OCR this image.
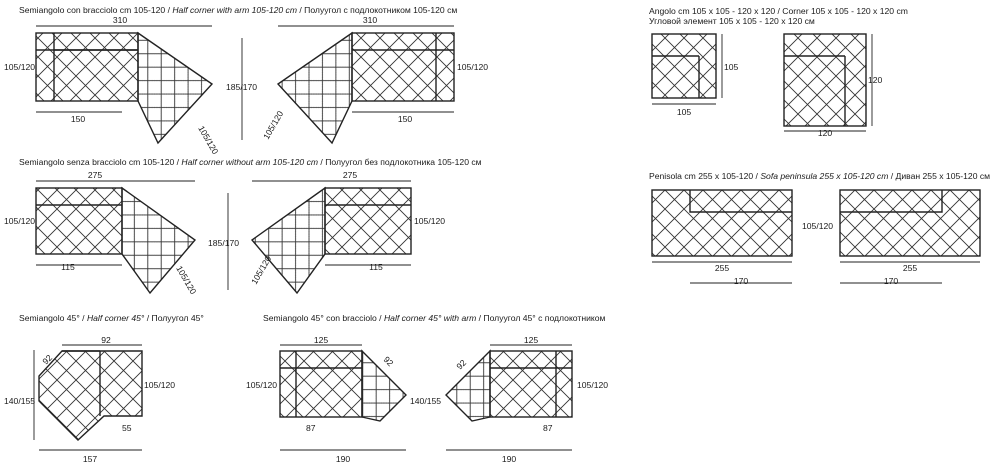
Semiangolo con bracciolo cm 105-120 / Half corner with arm 105-120 cm / Полуугол с подлокотником 105-120 см
Semiangolo senza bracciolo cm 105-120 / Half corner without arm 105-120 cm / Полуугол без подлокотника 105-120 см
Semiangolo 45° / Half corner 45° / Полуугол 45°	Semiangolo 45° con bracciolo / Half corner 45° with arm / Полуугол 45° с подлокотником
Angolo cm 105 x 105 - 120 x 120 / Corner 105 x 105 - 120 x 120 cm
Угловой элемент 105 x 105 - 120 x 120 см
Penisola cm 255 x 105-120 / Sofa peninsula 255 x 105-120 cm / Диван 255 x 105-120 см
310	310
105/120	105/120
150	150
185/170
105/120	105/120
275	275
105/120	105/120
115	115
185/170
105/120	105/120
92
92
105/120
140/155
55
157
125	125
92	92
105/120	105/120
140/155
87	87
190	190
105
105
120
120
255	255
105/120
170	170
